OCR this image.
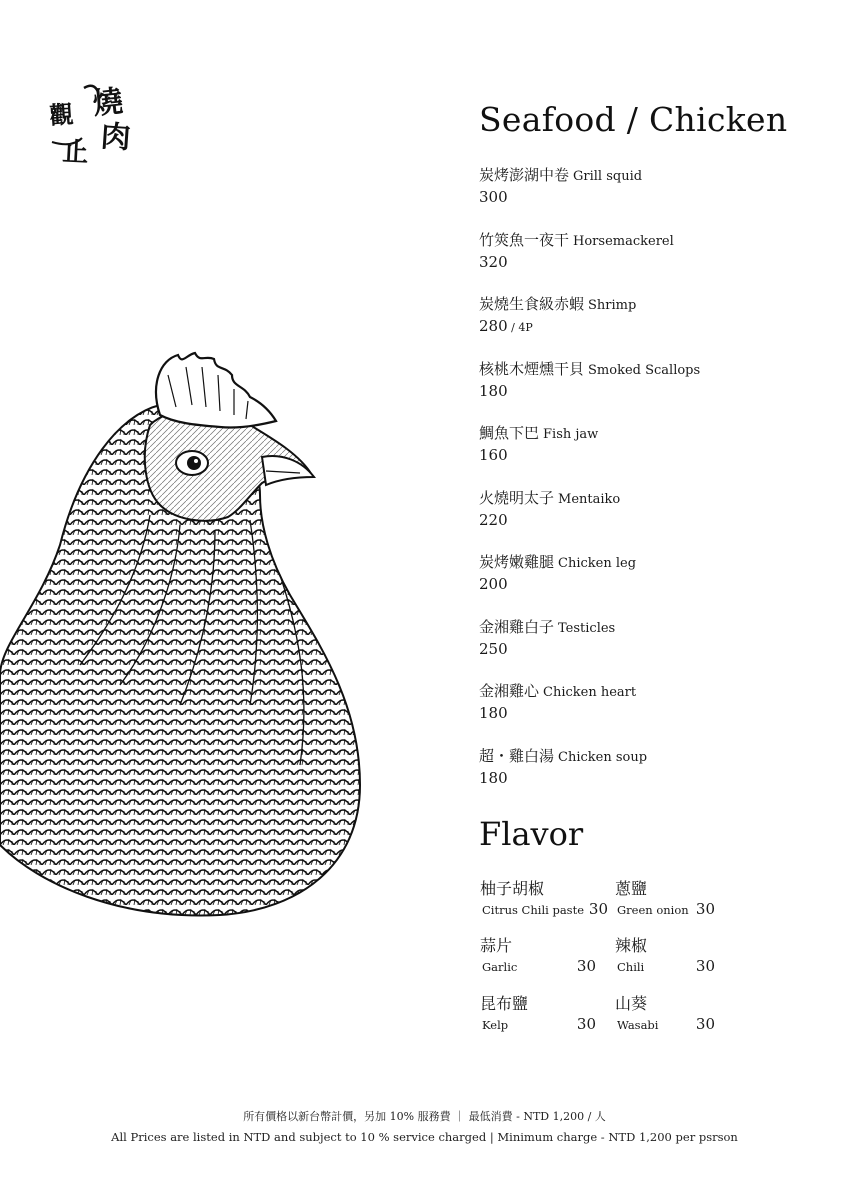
燒
肉
觀
止
Seafood / Chicken
炭烤澎湖中卷 Grill squid
300
竹筴魚一夜干 Horsemackerel
320
炭燒生食級赤蝦 Shrimp
280 / 4P
核桃木煙燻干貝 Smoked Scallops
180
鯛魚下巴 Fish jaw
160
火燒明太子 Mentaiko
220
炭烤嫩雞腿 Chicken leg
200
金湘雞白子 Testicles
250
金湘雞心 Chicken heart
180
超・雞白湯 Chicken soup
180
Flavor
柚子胡椒
Citrus Chili paste 30
蔥鹽
Green onion 30
蒜片
Garlic	30
辣椒
Chili	30
昆布鹽
Kelp	30
山葵
Wasabi 30
所有價格以新台幣計價，另加 10% 服務費 ｜ 最低消費 - NTD 1,200 / 人
All Prices are listed in NTD and subject to 10 % service charged | Minimum charge - NTD 1,200 per psrson
